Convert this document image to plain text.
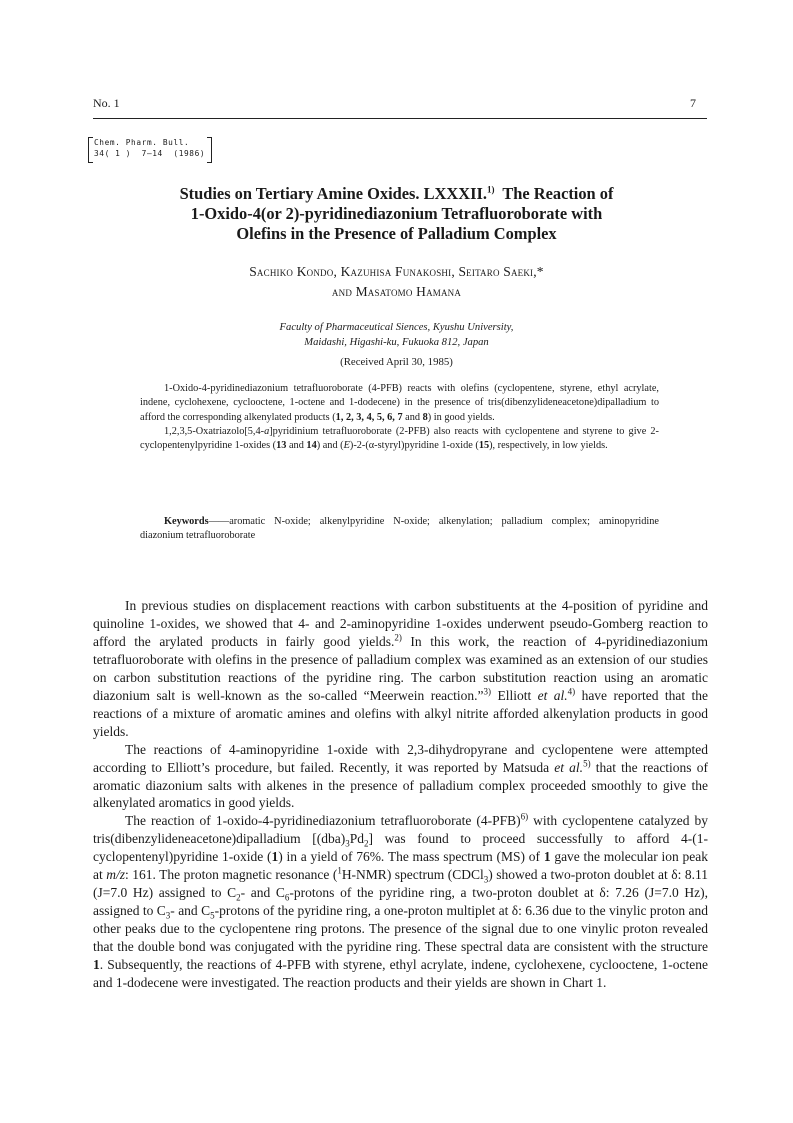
No. 1	7
Chem. Pharm. Bull.
34( 1 )  7—14  (1986)
Studies on Tertiary Amine Oxides. LXXXII.$^{1)}$  The Reaction of
1-Oxido-4(or 2)-pyridinediazonium Tetrafluoroborate with
Olefins in the Presence of Palladium Complex
Sachiko Kondo, Kazuhisa Funakoshi, Seitaro Saeki,*
and Masatomo Hamana
Faculty of Pharmaceutical Siences, Kyushu University,
Maidashi, Higashi-ku, Fukuoka 812, Japan
(Received April 30, 1985)

1-Oxido-4-pyridinediazonium tetrafluoroborate (4-PFB) reacts with olefins (cyclopentene, styrene, ethyl acrylate, indene, cyclohexene, cyclooctene, 1-octene and 1-dodecene) in the presence of tris(dibenzylideneacetone)dipalladium to afford the corresponding alkenylated products (1, 2, 3, 4, 5, 6, 7 and 8) in good yields.

1,2,3,5-Oxatriazolo[5,4-a]pyridinium tetrafluoroborate (2-PFB) also reacts with cyclopentene and styrene to give 2-cyclopentenylpyridine 1-oxides (13 and 14) and (E)-2-(α-styryl)pyridine 1-oxide (15), respectively, in low yields.

Keywords——aromatic N-oxide; alkenylpyridine N-oxide; alkenylation; palladium complex; aminopyridine diazonium tetrafluoroborate

In previous studies on displacement reactions with carbon substituents at the 4-position of pyridine and quinoline 1-oxides, we showed that 4- and 2-aminopyridine 1-oxides underwent pseudo-Gomberg reaction to afford the arylated products in fairly good yields.$^{2)}$ In this work, the reaction of 4-pyridinediazonium tetrafluoroborate with olefins in the presence of palladium complex was examined as an extension of our studies on carbon substitution reactions of the pyridine ring. The carbon substitution reaction using an aromatic diazonium salt is well-known as the so-called “Meerwein reaction.”$^{3)}$ Elliott et al.$^{4)}$ have reported that the reactions of a mixture of aromatic amines and olefins with alkyl nitrite afforded alkenylation products in good yields.

The reactions of 4-aminopyridine 1-oxide with 2,3-dihydropyrane and cyclopentene were attempted according to Elliott’s procedure, but failed. Recently, it was reported by Matsuda et al.$^{5)}$ that the reactions of aromatic diazonium salts with alkenes in the presence of palladium complex proceeded smoothly to give the alkenylated aromatics in good yields.

The reaction of 1-oxido-4-pyridinediazonium tetrafluoroborate $(4-PFB)^{6)}$ with cyclopentene catalyzed by tris(dibenzylideneacetone)dipalladium $[(dba)_3Pd_2]$ was found to proceed successfully to afford 4-(1-cyclopentenyl)pyridine 1-oxide (1) in a yield of 76%. The mass spectrum (MS) of 1 gave the molecular ion peak at m/z: 161. The proton magnetic resonance ($^1$H-NMR) spectrum (CDCl$_3$) showed a two-proton doublet at δ: 8.11 (J=7.0 Hz) assigned to $C_2-$ and $C_6$-protons of the pyridine ring, a two-proton doublet at δ: 7.26 (J=7.0 Hz), assigned to $C_3-$ and $C_5$-protons of the pyridine ring, a one-proton multiplet at δ: 6.36 due to the vinylic proton and other peaks due to the cyclopentene ring protons. The presence of the signal due to one vinylic proton revealed that the double bond was conjugated with the pyridine ring. These spectral data are consistent with the structure 1. Subsequently, the reactions of 4-PFB with styrene, ethyl acrylate, indene, cyclohexene, cyclooctene, 1-octene and 1-dodecene were investigated. The reaction products and their yields are shown in Chart 1.
